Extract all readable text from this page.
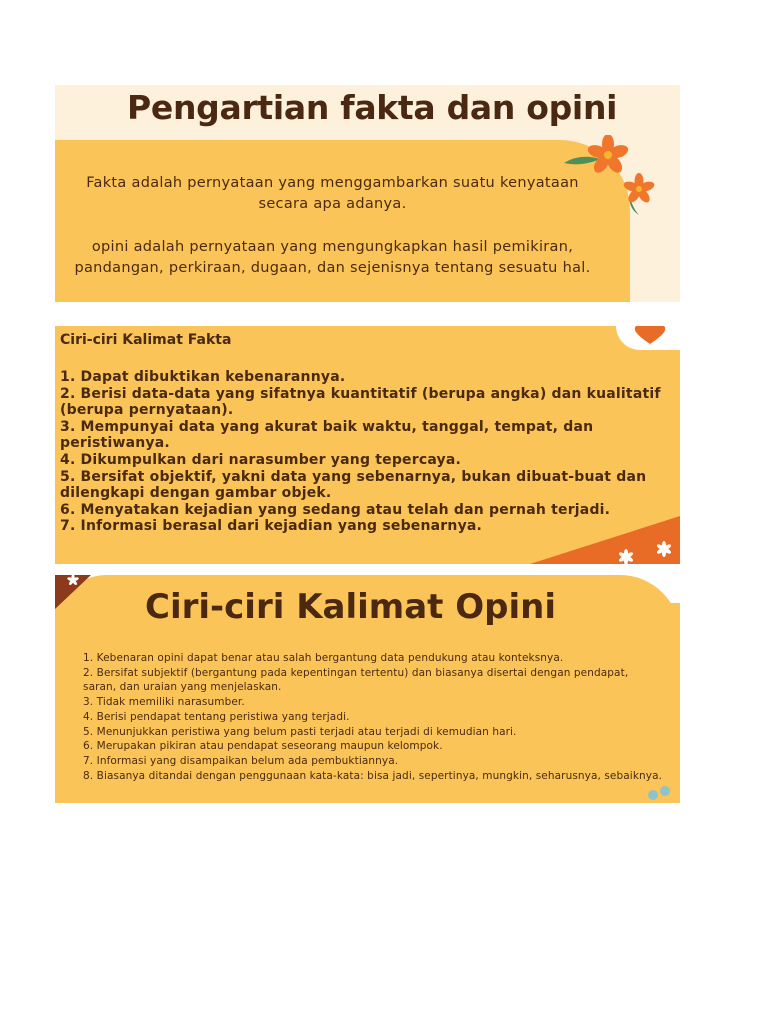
Pengartian fakta dan opini
Fakta adalah pernyataan yang menggambarkan suatu kenyataan secara apa adanya.
opini adalah pernyataan yang mengungkapkan hasil pemikiran, pandangan, perkiraan, dugaan, dan sejenisnya tentang sesuatu hal.
Ciri-ciri Kalimat Fakta
1. Dapat dibuktikan kebenarannya.
2. Berisi data-data yang sifatnya kuantitatif (berupa angka) dan kualitatif (berupa pernyataan).
3. Mempunyai data yang akurat baik waktu, tanggal, tempat, dan peristiwanya.
4. Dikumpulkan dari narasumber yang tepercaya.
5. Bersifat objektif, yakni data yang sebenarnya, bukan dibuat-buat dan dilengkapi dengan gambar objek.
6. Menyatakan kejadian yang sedang atau telah dan pernah terjadi.
7. Informasi berasal dari kejadian yang sebenarnya.
Ciri-ciri Kalimat Opini
1. Kebenaran opini dapat benar atau salah bergantung data pendukung atau konteksnya.
2. Bersifat subjektif (bergantung pada kepentingan tertentu) dan biasanya disertai dengan pendapat, saran, dan uraian yang menjelaskan.
3. Tidak memiliki narasumber.
4. Berisi pendapat tentang peristiwa yang terjadi.
5. Menunjukkan peristiwa yang belum pasti terjadi atau terjadi di kemudian hari.
6. Merupakan pikiran atau pendapat seseorang maupun kelompok.
7. Informasi yang disampaikan belum ada pembuktiannya.
8. Biasanya ditandai dengan penggunaan kata-kata: bisa jadi, sepertinya, mungkin, seharusnya, sebaiknya.
